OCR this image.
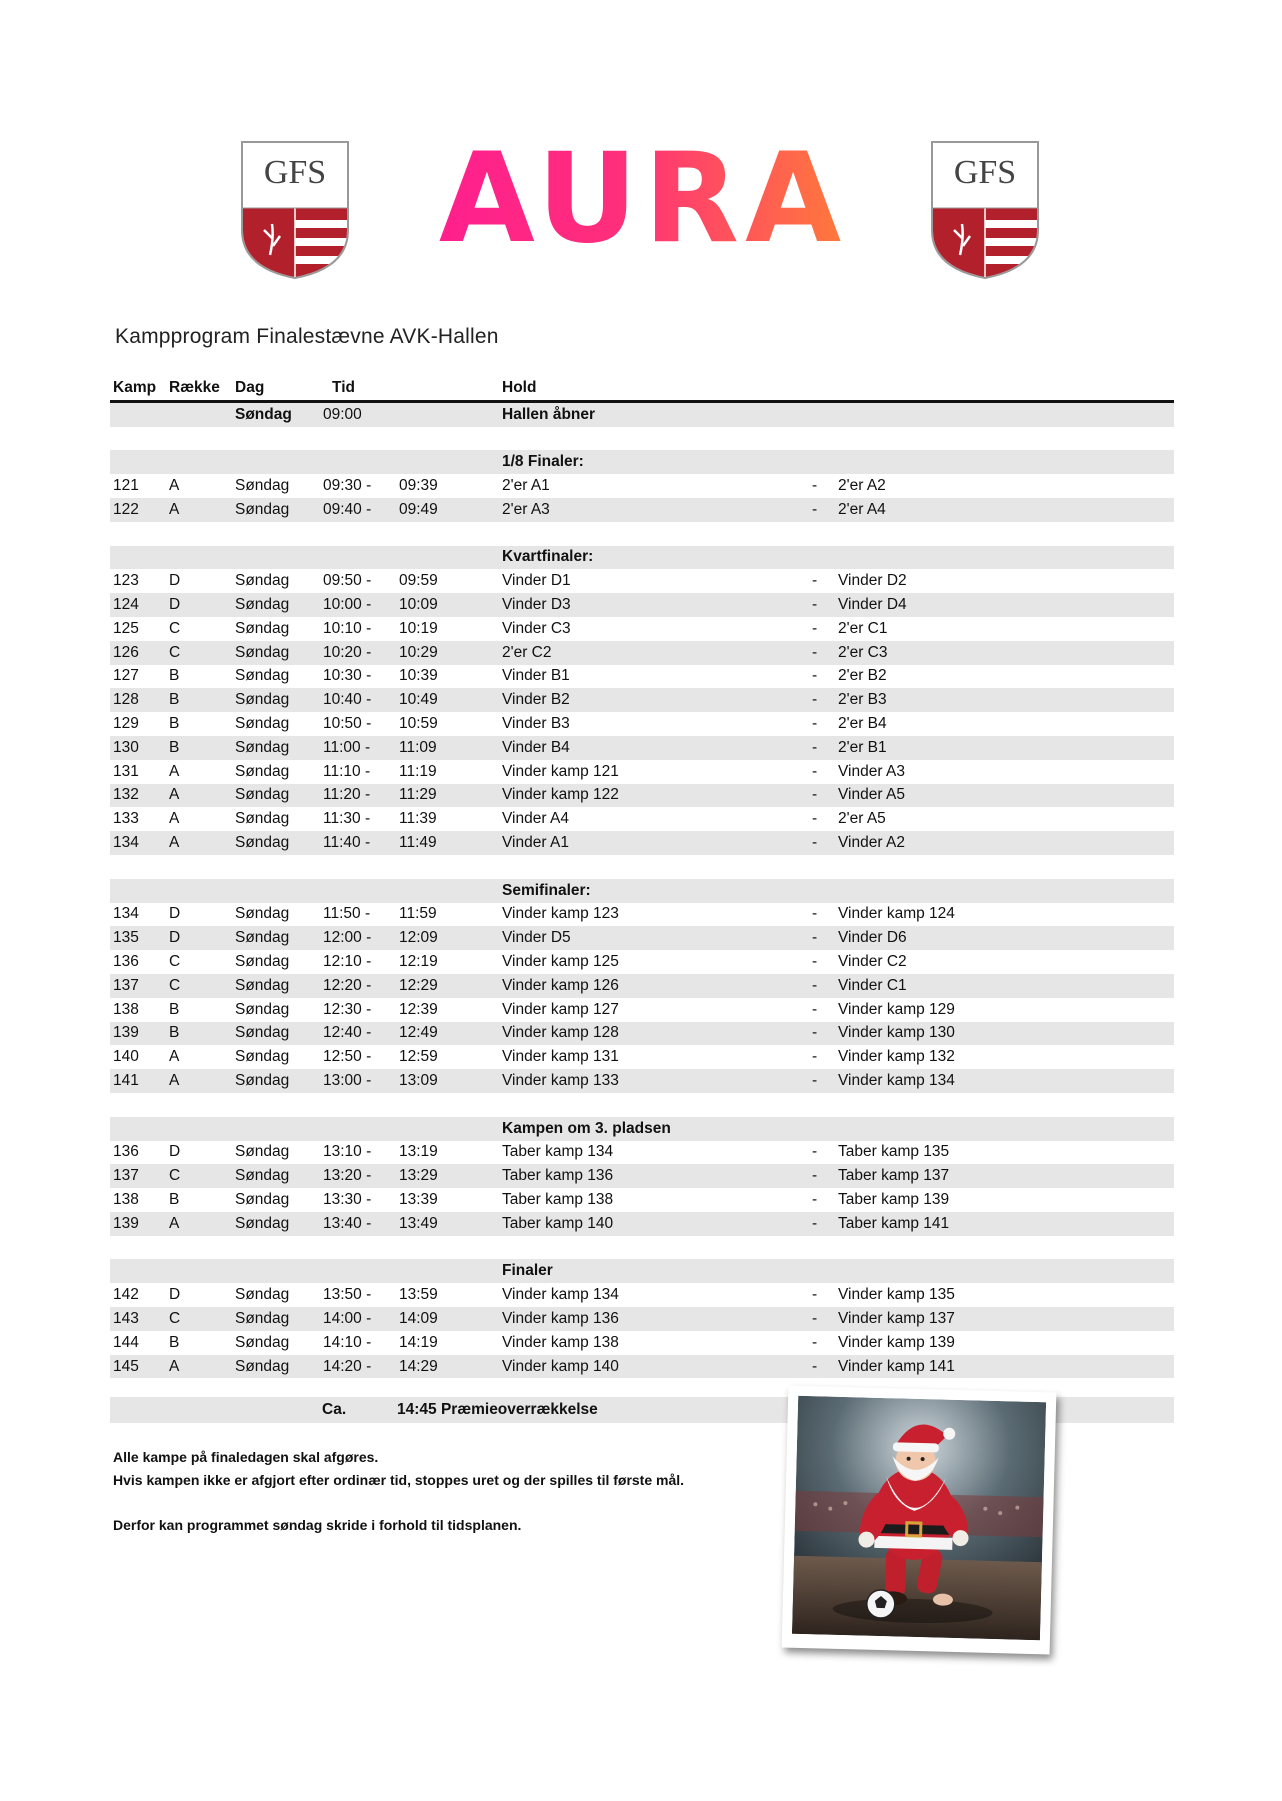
GFS AURA	GFS
Kampprogram Finalestævne AVK-Hallen
Kamp	Række	Dag	Tid		Hold		
		Søndag	09:00		Hallen åbner		

					1/8 Finaler:		
121	A	Søndag	09:30 -	09:39	2'er A1	-	2'er A2
122	A	Søndag	09:40 -	09:49	2'er A3	-	2'er A4

					Kvartfinaler:		
123	D	Søndag	09:50 -	09:59	Vinder D1	-	Vinder D2
124	D	Søndag	10:00 -	10:09	Vinder D3	-	Vinder D4
125	C	Søndag	10:10 -	10:19	Vinder C3	-	2'er C1
126	C	Søndag	10:20 -	10:29	2'er C2	-	2'er C3
127	B	Søndag	10:30 -	10:39	Vinder B1	-	2'er B2
128	B	Søndag	10:40 -	10:49	Vinder B2	-	2'er B3
129	B	Søndag	10:50 -	10:59	Vinder B3	-	2'er B4
130	B	Søndag	11:00 -	11:09	Vinder B4	-	2'er B1
131	A	Søndag	11:10 -	11:19	Vinder kamp 121	-	Vinder A3
132	A	Søndag	11:20 -	11:29	Vinder kamp 122	-	Vinder A5
133	A	Søndag	11:30 -	11:39	Vinder A4	-	2'er A5
134	A	Søndag	11:40 -	11:49	Vinder A1	-	Vinder A2

					Semifinaler:		
134	D	Søndag	11:50 -	11:59	Vinder kamp 123	-	Vinder kamp 124
135	D	Søndag	12:00 -	12:09	Vinder D5	-	Vinder D6
136	C	Søndag	12:10 -	12:19	Vinder kamp 125	-	Vinder C2
137	C	Søndag	12:20 -	12:29	Vinder kamp 126	-	Vinder C1
138	B	Søndag	12:30 -	12:39	Vinder kamp 127	-	Vinder kamp 129
139	B	Søndag	12:40 -	12:49	Vinder kamp 128	-	Vinder kamp 130
140	A	Søndag	12:50 -	12:59	Vinder kamp 131	-	Vinder kamp 132
141	A	Søndag	13:00 -	13:09	Vinder kamp 133	-	Vinder kamp 134

					Kampen om 3. pladsen		
136	D	Søndag	13:10 -	13:19	Taber kamp 134	-	Taber kamp 135
137	C	Søndag	13:20 -	13:29	Taber kamp 136	-	Taber kamp 137
138	B	Søndag	13:30 -	13:39	Taber kamp 138	-	Taber kamp 139
139	A	Søndag	13:40 -	13:49	Taber kamp 140	-	Taber kamp 141

					Finaler		
142	D	Søndag	13:50 -	13:59	Vinder kamp 134	-	Vinder kamp 135
143	C	Søndag	14:00 -	14:09	Vinder kamp 136	-	Vinder kamp 137
144	B	Søndag	14:10 -	14:19	Vinder kamp 138	-	Vinder kamp 139
145	A	Søndag	14:20 -	14:29	Vinder kamp 140	-	Vinder kamp 141
Ca.	14:45 Præmieoverrækkelse

Alle kampe på finaledagen skal afgøres.

Hvis kampen ikke er afgjort efter ordinær tid, stoppes uret og der spilles til første mål.

Derfor kan programmet søndag skride i forhold til tidsplanen.
